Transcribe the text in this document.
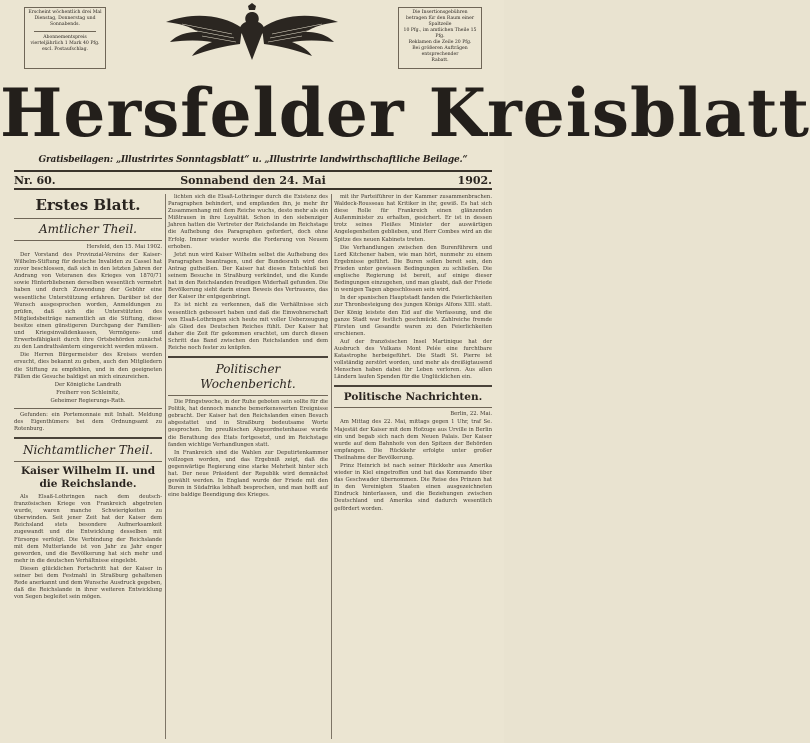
Erscheint wöchentlich drei Mal
Dienstag, Donnerstag und Sonnabends.
Abonnementspreis
vierteljährlich 1 Mark 40 Pfg.
excl. Postaufschlag.
Die Insertionsgebühren
betragen für den Raum einer Spaltzeile
10 Pfg., im amtlichen Theile 15 Pfg.
Reklamen die Zeile 20 Pfg.
Bei größeren Aufträgen entsprechender
Rabatt.
Hersfelder Kreisblatt
Gratisbeilagen: „Illustrirtes Sonntagsblatt“ u. „Illustrirte landwirthschaftliche Beilage.“
Nr. 60.	Sonnabend den 24. Mai	1902.
Erstes Blatt.
Amtlicher Theil.
Hersfeld, den 15. Mai 1902.

Der Vorstand des Provinzial-Vereins der Kaiser-Wilhelm-Stiftung für deutsche Invaliden zu Cassel hat zuvor beschlossen, daß sich in den letzten Jahren der Andrang von Veteranen des Krieges von 1870/71 sowie Hinterbliebenen derselben wesentlich vermehrt haben und durch Zuwendung der Gebühr eine wesentliche Unterstützung erfahren. Darüber ist der Wunsch ausgesprochen worden, Anmeldungen zu prüfen, daß sich die Unterstützten des Mitgliedsbeiträge namentlich an die Stiftung, diese besitze einen günstigeren Durchgang der Familien-und Kriegsinvalidenkassen, Vermögens- und Erwerbsfähigkeit durch ihre Ortsbehörden zunächst zu den Landrathsämtern eingereicht werden müssen.

Die Herren Bürgermeister des Kreises werden ersucht, dies bekannt zu geben, auch den Mitgliedern die Stiftung zu empfehlen, und in den geeigneten Fällen die Gesuche baldigst an mich einzureichen.

Der Königliche Landrath
Freiherr von Schleinitz,
Geheimer Regierungs-Rath.

Gefunden: ein Portemonnaie mit Inhalt. Meldung des Eigenthümers bei dem Ordnungsamt zu Rotenburg.

Nichtamtlicher Theil.
Kaiser Wilhelm II. und die Reichslande.

Als Elsaß-Lothringen nach dem deutsch-französischen Kriege von Frankreich abgetreten wurde, waren manche Schwierigkeiten zu überwinden. Seit jener Zeit hat der Kaiser dem Reichsland stets besondere Aufmerksamkeit zugewandt und die Entwicklung desselben mit Fürsorge verfolgt. Die Verbindung der Reichslande mit dem Mutterlande ist von Jahr zu Jahr enger geworden, und die Bevölkerung hat sich mehr und mehr in die deutschen Verhältnisse eingelebt.

Diesen glücklichen Fortschritt hat der Kaiser in seiner bei dem Festmahl in Straßburg gehaltenen Rede anerkannt und dem Wunsche Ausdruck gegeben, daß die Reichslande in ihrer weiteren Entwicklung von Segen begleitet sein mögen.

lichten sich die Elsaß-Lothringer durch die Existenz des Paragraphen behindert, und empfanden ihn, je mehr ihr Zusammenhang mit dem Reiche wuchs, desto mehr als ein Mißtrauen in ihre Loyalität. Schon in den siebenziger Jahren hatten die Vertreter der Reichslande im Reichstage die Aufhebung des Paragraphen gefordert, doch ohne Erfolg. Immer wieder wurde die Forderung von Neuem erhoben.

Jetzt nun wird Kaiser Wilhelm selbst die Aufhebung des Paragraphen beantragen, und der Bundesrath wird den Antrag gutheißen. Der Kaiser hat diesen Entschluß bei seinem Besuche in Straßburg verkündet, und die Kunde hat in den Reichslanden freudigen Widerhall gefunden. Die Bevölkerung sieht darin einen Beweis des Vertrauens, das der Kaiser ihr entgegenbringt.

Es ist nicht zu verkennen, daß die Verhältnisse sich wesentlich gebessert haben und daß die Einwohnerschaft von Elsaß-Lothringen sich heute mit voller Ueberzeugung als Glied des Deutschen Reiches fühlt. Der Kaiser hat daher die Zeit für gekommen erachtet, um durch diesen Schritt das Band zwischen den Reichslanden und dem Reiche noch fester zu knüpfen.

Politischer Wochenbericht.

Die Pfingstwoche, in der Ruhe geboten sein sollte für die Politik, hat dennoch manche bemerkenswerten Ereignisse gebracht. Der Kaiser hat den Reichslanden einen Besuch abgestattet und in Straßburg bedeutsame Worte gesprochen. Im preußischen Abgeordnetenhause wurde die Berathung des Etats fortgesetzt, und im Reichstage fanden wichtige Verhandlungen statt.

In Frankreich sind die Wahlen zur Deputirtenkammer vollzogen worden, und das Ergebniß zeigt, daß die gegenwärtige Regierung eine starke Mehrheit hinter sich hat. Der neue Präsident der Republik wird demnächst gewählt werden. In England wurde der Friede mit den Buren in Südafrika lebhaft besprochen, und man hofft auf eine baldige Beendigung des Krieges.

mit ihr Parteiführer in der Kammer zusammenbrachen. Waldeck-Rousseau hat Kritiker in ihr, gewiß. Es hat sich diese Rolle für Frankreich einen glänzenden Außenminister zu erhalten, gesichert. Er ist in dessen trotz seines Fleißes Minister der auswärtigen Angelegenheiten geblieben, und Herr Combes wird an die Spitze des neuen Kabinets treten.

Die Verhandlungen zwischen den Burenführern und Lord Kitchener haben, wie man hört, nunmehr zu einem Ergebnisse geführt. Die Buren sollen bereit sein, den Frieden unter gewissen Bedingungen zu schließen. Die englische Regierung ist bereit, auf einige dieser Bedingungen einzugehen, und man glaubt, daß der Friede in wenigen Tagen abgeschlossen sein wird.

In der spanischen Hauptstadt fanden die Feierlichkeiten zur Thronbesteigung des jungen Königs Alfons XIII. statt. Der König leistete den Eid auf die Verfassung, und die ganze Stadt war festlich geschmückt. Zahlreiche fremde Fürsten und Gesandte waren zu den Feierlichkeiten erschienen.

Auf der französischen Insel Martinique hat der Ausbruch des Vulkans Mont Pelée eine furchtbare Katastrophe herbeigeführt. Die Stadt St. Pierre ist vollständig zerstört worden, und mehr als dreißigtausend Menschen haben dabei ihr Leben verloren. Aus allen Ländern laufen Spenden für die Unglücklichen ein.

Politische Nachrichten.
Berlin, 22. Mai.

Am Mittag des 22. Mai, mittags gegen 1 Uhr, traf Se. Majestät der Kaiser mit dem Hofzuge aus Urville in Berlin ein und begab sich nach dem Neuen Palais. Der Kaiser wurde auf dem Bahnhofe von den Spitzen der Behörden empfangen. Die Rückkehr erfolgte unter großer Theilnahme der Bevölkerung.

Prinz Heinrich ist nach seiner Rückkehr aus Amerika wieder in Kiel eingetroffen und hat das Kommando über das Geschwader übernommen. Die Reise des Prinzen hat in den Vereinigten Staaten einen ausgezeichneten Eindruck hinterlassen, und die Beziehungen zwischen Deutschland und Amerika sind dadurch wesentlich gefördert worden.
